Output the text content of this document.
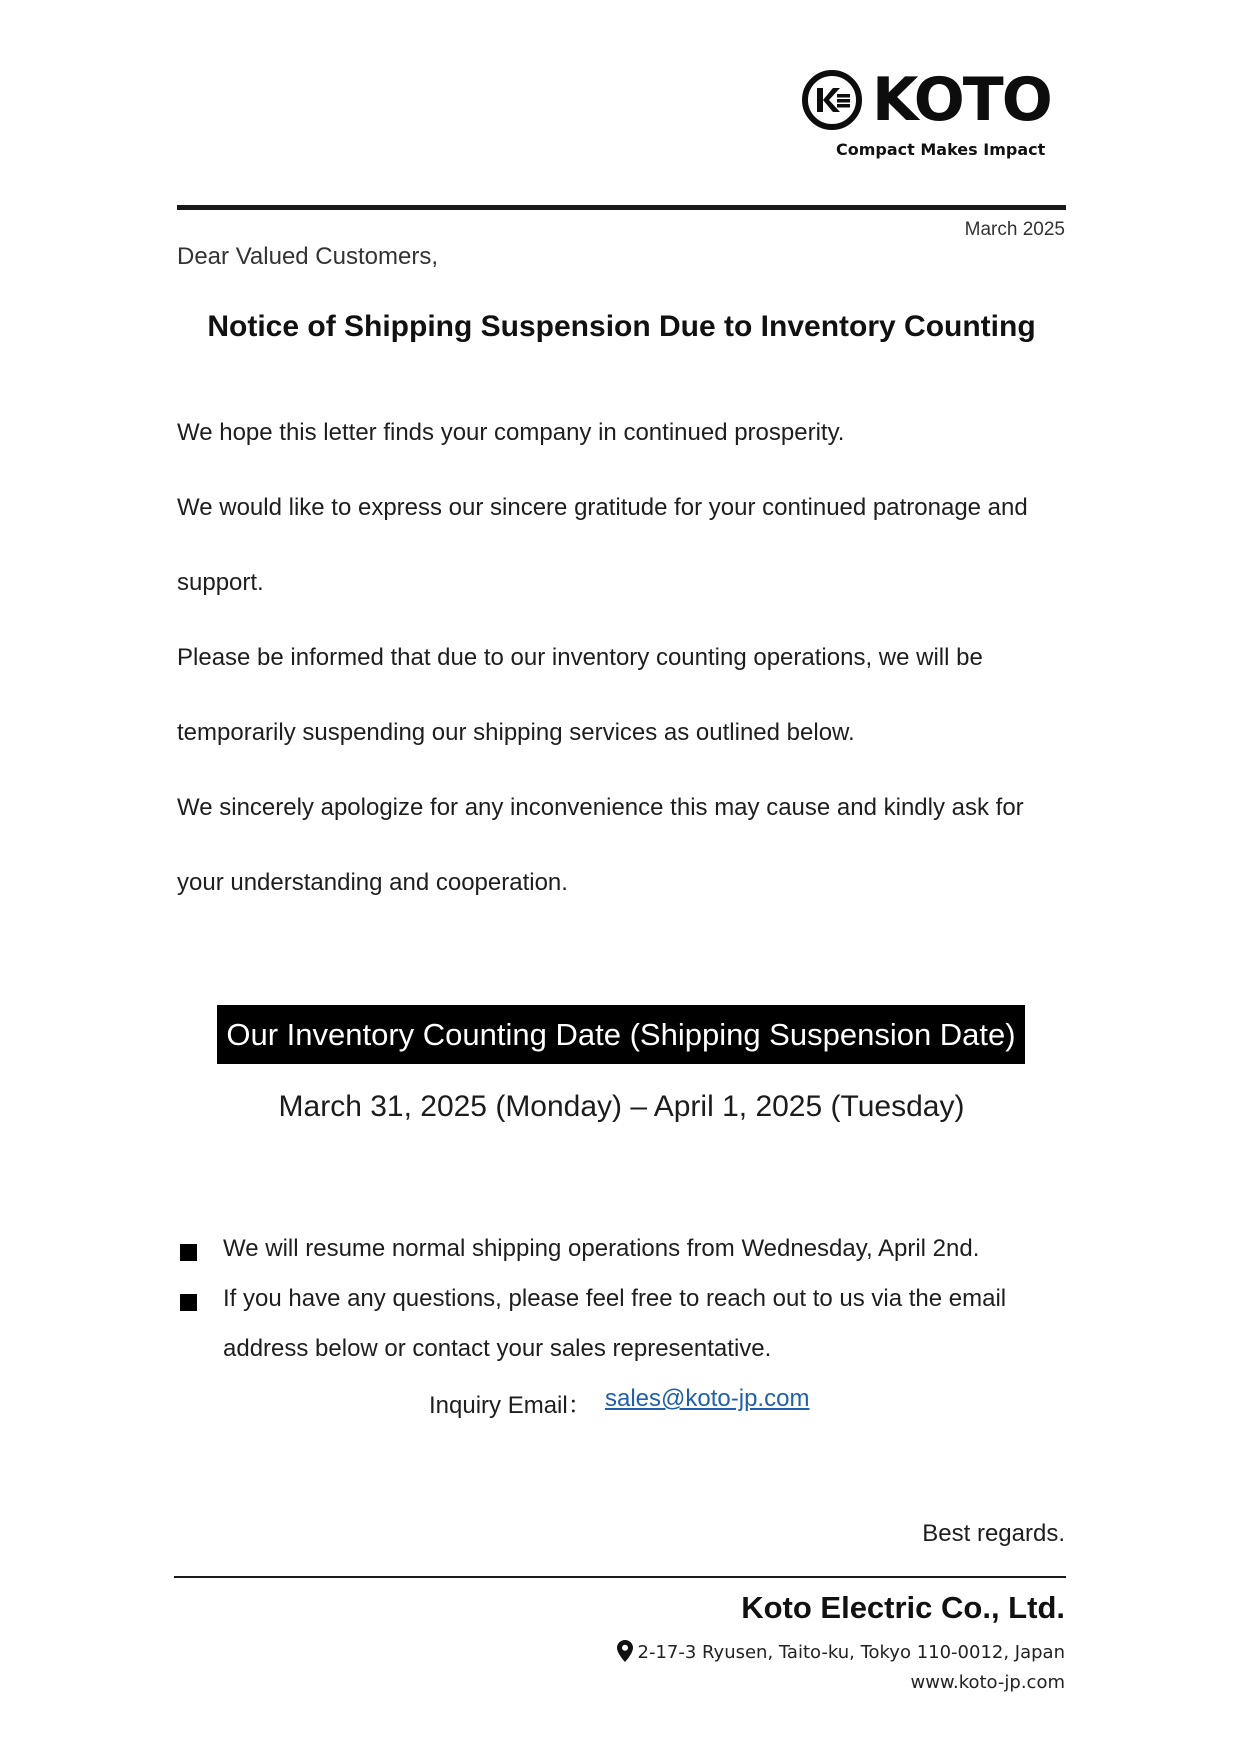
KOTO
Compact Makes Impact
March 2025
Dear Valued Customers,
Notice of Shipping Suspension Due to Inventory Counting
We hope this letter finds your company in continued prosperity.
We would like to express our sincere gratitude for your continued patronage and
support.
Please be informed that due to our inventory counting operations, we will be
temporarily suspending our shipping services as outlined below.
We sincerely apologize for any inconvenience this may cause and kindly ask for
your understanding and cooperation.
Our Inventory Counting Date (Shipping Suspension Date)
March 31, 2025 (Monday) – April 1, 2025 (Tuesday)
We will resume normal shipping operations from Wednesday, April 2nd.
If you have any questions, please feel free to reach out to us via the email
address below or contact your sales representative.
Inquiry Email： sales@koto-jp.com
Best regards.
Koto Electric Co., Ltd.
2-17-3 Ryusen, Taito-ku, Tokyo 110-0012, Japan
www.koto-jp.com
